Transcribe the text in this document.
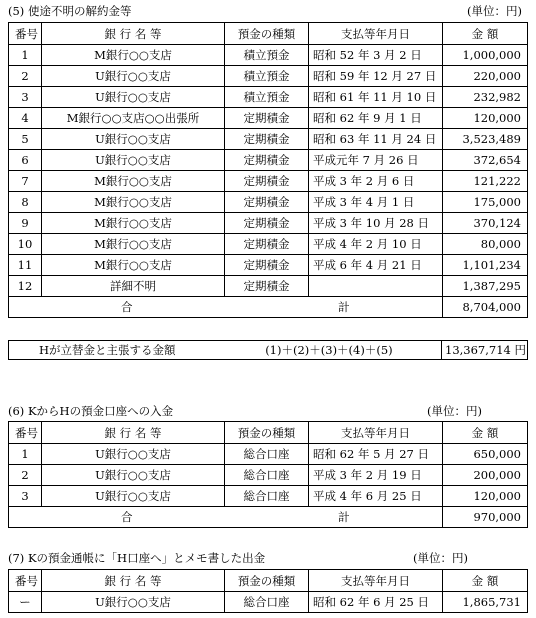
(5) 使途不明の解約金等	(単位：円)
番号	銀 行 名 等	預金の種類	支払等年月日	金 額
1	M銀行○○支店	積立預金	昭和 52 年 3 月 2 日	1,000,000
2	U銀行○○支店	積立預金	昭和 59 年 12 月 27 日	220,000
3	U銀行○○支店	積立預金	昭和 61 年 11 月 10 日	232,982
4	M銀行○○支店○○出張所	定期積金	昭和 62 年 9 月 1 日	120,000
5	U銀行○○支店	定期積金	昭和 63 年 11 月 24 日	3,523,489
6	U銀行○○支店	定期積金	平成元年 7 月 26 日	372,654
7	M銀行○○支店	定期積金	平成 3 年 2 月 6 日	121,222
8	M銀行○○支店	定期積金	平成 3 年 4 月 1 日	175,000
9	M銀行○○支店	定期積金	平成 3 年 10 月 28 日	370,124
10	M銀行○○支店	定期積金	平成 4 年 2 月 10 日	80,000
11	M銀行○○支店	定期積金	平成 6 年 4 月 21 日	1,101,234
12	詳細不明	定期積金		1,387,295
合 計				8,704,000
Hが立替金と主張する金額	(1)＋(2)＋(3)＋(4)＋(5)	13,367,714 円
(6) KからHの預金口座への入金	(単位：円)
番号	銀 行 名 等	預金の種類	支払等年月日	金 額
1	U銀行○○支店	総合口座	昭和 62 年 5 月 27 日	650,000
2	U銀行○○支店	総合口座	平成 3 年 2 月 19 日	200,000
3	U銀行○○支店	総合口座	平成 4 年 6 月 25 日	120,000
合 計				970,000
(7) Kの預金通帳に「H口座へ」とメモ書した出金	(単位：円)
番号	銀 行 名 等	預金の種類	支払等年月日	金 額
ー	U銀行○○支店	総合口座	昭和 62 年 6 月 25 日	1,865,731
